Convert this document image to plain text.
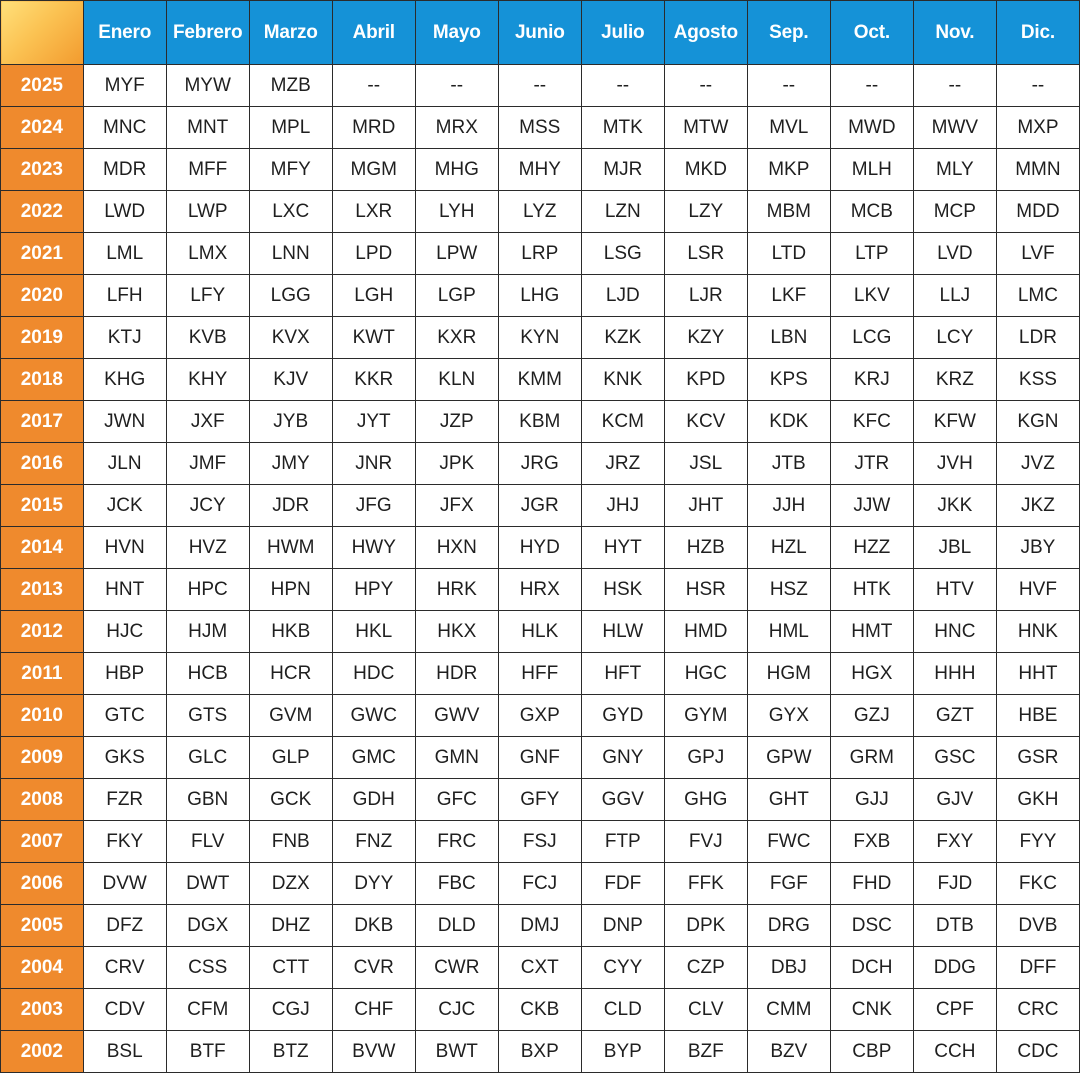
	Enero	Febrero	Marzo	Abril	Mayo	Junio	Julio	Agosto	Sep.	Oct.	Nov.	Dic.
2025	MYF	MYW	MZB	--	--	--	--	--	--	--	--	--
2024	MNC	MNT	MPL	MRD	MRX	MSS	MTK	MTW	MVL	MWD	MWV	MXP
2023	MDR	MFF	MFY	MGM	MHG	MHY	MJR	MKD	MKP	MLH	MLY	MMN
2022	LWD	LWP	LXC	LXR	LYH	LYZ	LZN	LZY	MBM	MCB	MCP	MDD
2021	LML	LMX	LNN	LPD	LPW	LRP	LSG	LSR	LTD	LTP	LVD	LVF
2020	LFH	LFY	LGG	LGH	LGP	LHG	LJD	LJR	LKF	LKV	LLJ	LMC
2019	KTJ	KVB	KVX	KWT	KXR	KYN	KZK	KZY	LBN	LCG	LCY	LDR
2018	KHG	KHY	KJV	KKR	KLN	KMM	KNK	KPD	KPS	KRJ	KRZ	KSS
2017	JWN	JXF	JYB	JYT	JZP	KBM	KCM	KCV	KDK	KFC	KFW	KGN
2016	JLN	JMF	JMY	JNR	JPK	JRG	JRZ	JSL	JTB	JTR	JVH	JVZ
2015	JCK	JCY	JDR	JFG	JFX	JGR	JHJ	JHT	JJH	JJW	JKK	JKZ
2014	HVN	HVZ	HWM	HWY	HXN	HYD	HYT	HZB	HZL	HZZ	JBL	JBY
2013	HNT	HPC	HPN	HPY	HRK	HRX	HSK	HSR	HSZ	HTK	HTV	HVF
2012	HJC	HJM	HKB	HKL	HKX	HLK	HLW	HMD	HML	HMT	HNC	HNK
2011	HBP	HCB	HCR	HDC	HDR	HFF	HFT	HGC	HGM	HGX	HHH	HHT
2010	GTC	GTS	GVM	GWC	GWV	GXP	GYD	GYM	GYX	GZJ	GZT	HBE
2009	GKS	GLC	GLP	GMC	GMN	GNF	GNY	GPJ	GPW	GRM	GSC	GSR
2008	FZR	GBN	GCK	GDH	GFC	GFY	GGV	GHG	GHT	GJJ	GJV	GKH
2007	FKY	FLV	FNB	FNZ	FRC	FSJ	FTP	FVJ	FWC	FXB	FXY	FYY
2006	DVW	DWT	DZX	DYY	FBC	FCJ	FDF	FFK	FGF	FHD	FJD	FKC
2005	DFZ	DGX	DHZ	DKB	DLD	DMJ	DNP	DPK	DRG	DSC	DTB	DVB
2004	CRV	CSS	CTT	CVR	CWR	CXT	CYY	CZP	DBJ	DCH	DDG	DFF
2003	CDV	CFM	CGJ	CHF	CJC	CKB	CLD	CLV	CMM	CNK	CPF	CRC
2002	BSL	BTF	BTZ	BVW	BWT	BXP	BYP	BZF	BZV	CBP	CCH	CDC
